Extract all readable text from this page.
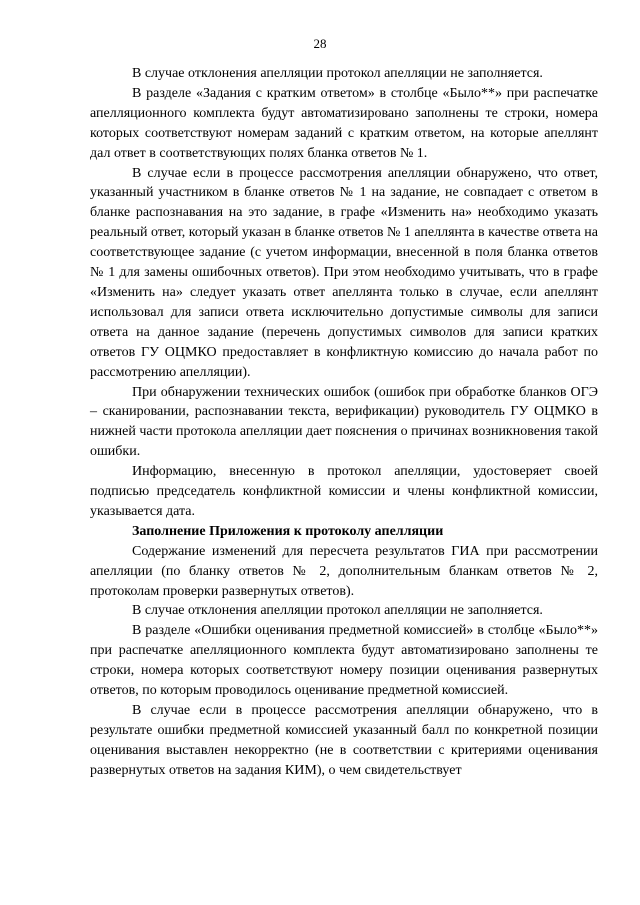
28

В случае отклонения апелляции протокол апелляции не заполняется.

В разделе «Задания с кратким ответом» в столбце «Было**» при распечатке апелляционного комплекта будут автоматизировано заполнены те строки, номера которых соответствуют номерам заданий с кратким ответом, на которые апеллянт дал ответ в соответствующих полях бланка ответов № 1.

В случае если в процессе рассмотрения апелляции обнаружено, что ответ, указанный участником в бланке ответов № 1 на задание, не совпадает с ответом в бланке распознавания на это задание, в графе «Изменить на» необходимо указать реальный ответ, который указан в бланке ответов № 1 апеллянта в качестве ответа на соответствующее задание (с учетом информации, внесенной в поля бланка ответов № 1 для замены ошибочных ответов). При этом необходимо учитывать, что в графе «Изменить на» следует указать ответ апеллянта только в случае, если апеллянт использовал для записи ответа исключительно допустимые символы для записи ответа на данное задание (перечень допустимых символов для записи кратких ответов ГУ ОЦМКО предоставляет в конфликтную комиссию до начала работ по рассмотрению апелляции).

При обнаружении технических ошибок (ошибок при обработке бланков ОГЭ – сканировании, распознавании текста, верификации) руководитель ГУ ОЦМКО в нижней части протокола апелляции дает пояснения о причинах возникновения такой ошибки.

Информацию, внесенную в протокол апелляции, удостоверяет своей подписью председатель конфликтной комиссии и члены конфликтной комиссии, указывается дата.

Заполнение Приложения к протоколу апелляции

Содержание изменений для пересчета результатов ГИА при рассмотрении апелляции (по бланку ответов № 2, дополнительным бланкам ответов № 2, протоколам проверки развернутых ответов).

В случае отклонения апелляции протокол апелляции не заполняется.

В разделе «Ошибки оценивания предметной комиссией» в столбце «Было**» при распечатке апелляционного комплекта будут автоматизировано заполнены те строки, номера которых соответствуют номеру позиции оценивания развернутых ответов, по которым проводилось оценивание предметной комиссией.

В случае если в процессе рассмотрения апелляции обнаружено, что в результате ошибки предметной комиссией указанный балл по конкретной позиции оценивания выставлен некорректно (не в соответствии с критериями оценивания развернутых ответов на задания КИМ), о чем свидетельствует
